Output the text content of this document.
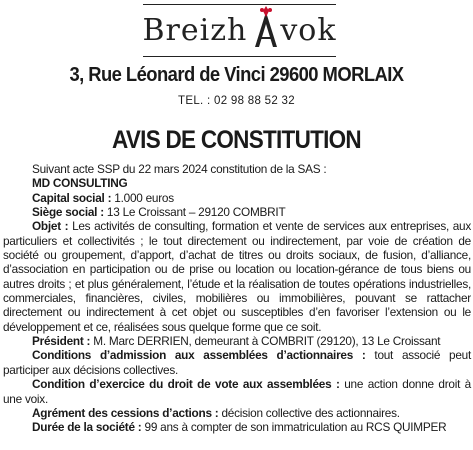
Breizh vok
3, Rue Léonard de Vinci 29600 MORLAIX
TEL. : 02 98 88 52 32
AVIS DE CONSTITUTION

Suivant acte SSP du 22 mars 2024 constitution de la SAS :

MD CONSULTING

Capital social : 1.000 euros

Siège social : 13 Le Croissant – 29120 COMBRIT

Objet : Les activités de consulting, formation et vente de services aux entreprises, aux particuliers et collectivités ; le tout directement ou indirectement, par voie de création de société ou groupement, d’apport, d’achat de titres ou droits sociaux, de fusion, d’alliance, d’association en participation ou de prise ou location ou location-gérance de tous biens ou autres droits ; et plus généralement, l’étude et la réalisation de toutes opérations industrielles, commerciales, financières, civiles, mobilières ou immobilières, pouvant se rattacher directement ou indirectement à cet objet ou susceptibles d’en favoriser l’extension ou le développement et ce, réalisées sous quelque forme que ce soit.

Président : M. Marc DERRIEN, demeurant à COMBRIT (29120), 13 Le Croissant

Conditions d’admission aux assemblées d’actionnaires : tout associé peut participer aux décisions collectives.

Condition d’exercice du droit de vote aux assemblées : une action donne droit à une voix.

Agrément des cessions d’actions : décision collective des actionnaires.

Durée de la société : 99 ans à compter de son immatriculation au RCS QUIMPER
